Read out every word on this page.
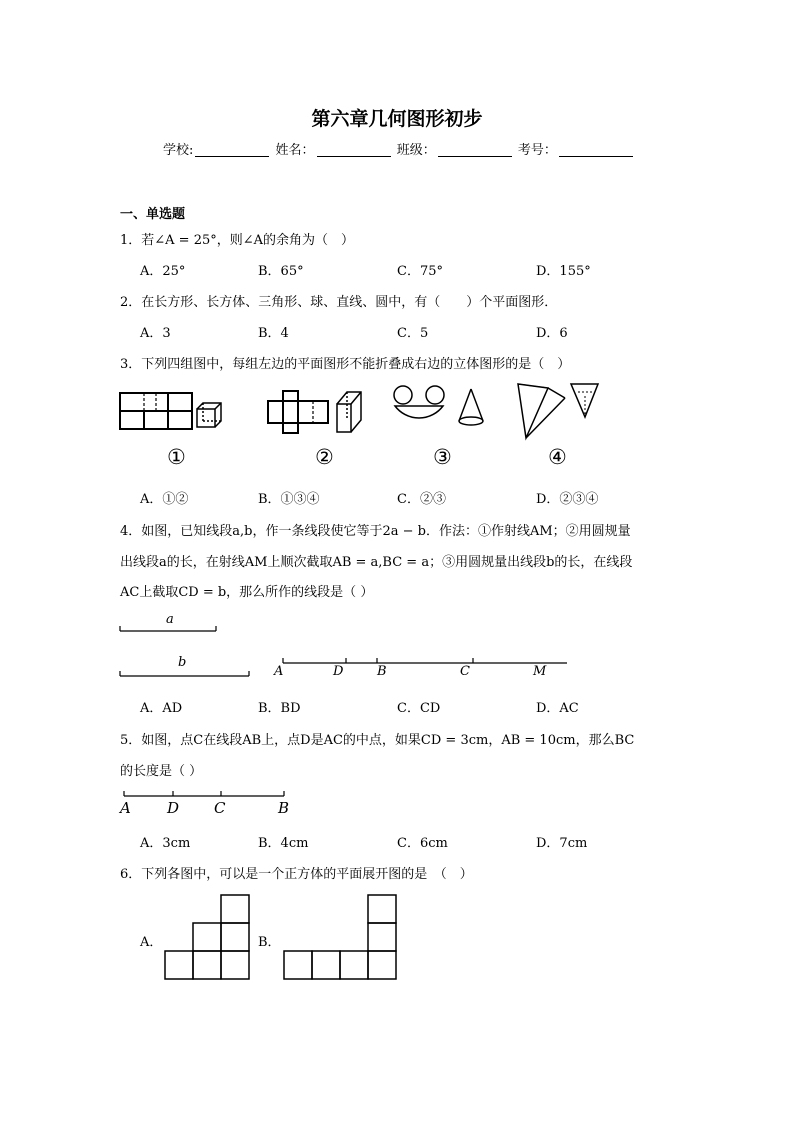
第六章几何图形初步
学校:	姓名：	班级：	考号：
一、单选题
1．若∠A = 25°，则∠A的余角为（　）
A．25°	B．65°	C．75°	D．155°
2．在长方形、长方体、三角形、球、直线、圆中，有（　　）个平面图形．
A．3	B．4	C．5	D．6
3．下列四组图中，每组左边的平面图形不能折叠成右边的立体图形的是（　）
①	②	③	④
A．①②	B．①③④	C．②③	D．②③④
4．如图，已知线段a,b，作一条线段使它等于2a − b．作法：①作射线AM；②用圆规量
出线段a的长，在射线AM上顺次截取AB = a,BC = a；③用圆规量出线段b的长，在线段
AC上截取CD = b，那么所作的线段是（ ）
a
b
A	D	B	C	M
A．AD	B．BD	C．CD	D．AC
5．如图，点C在线段AB上，点D是AC的中点，如果CD = 3cm，AB = 10cm，那么BC
的长度是（ ）
A D C	B
A．3cm	B．4cm	C．6cm	D．7cm
6．下列各图中，可以是一个正方体的平面展开图的是　（　）
A．	B．
